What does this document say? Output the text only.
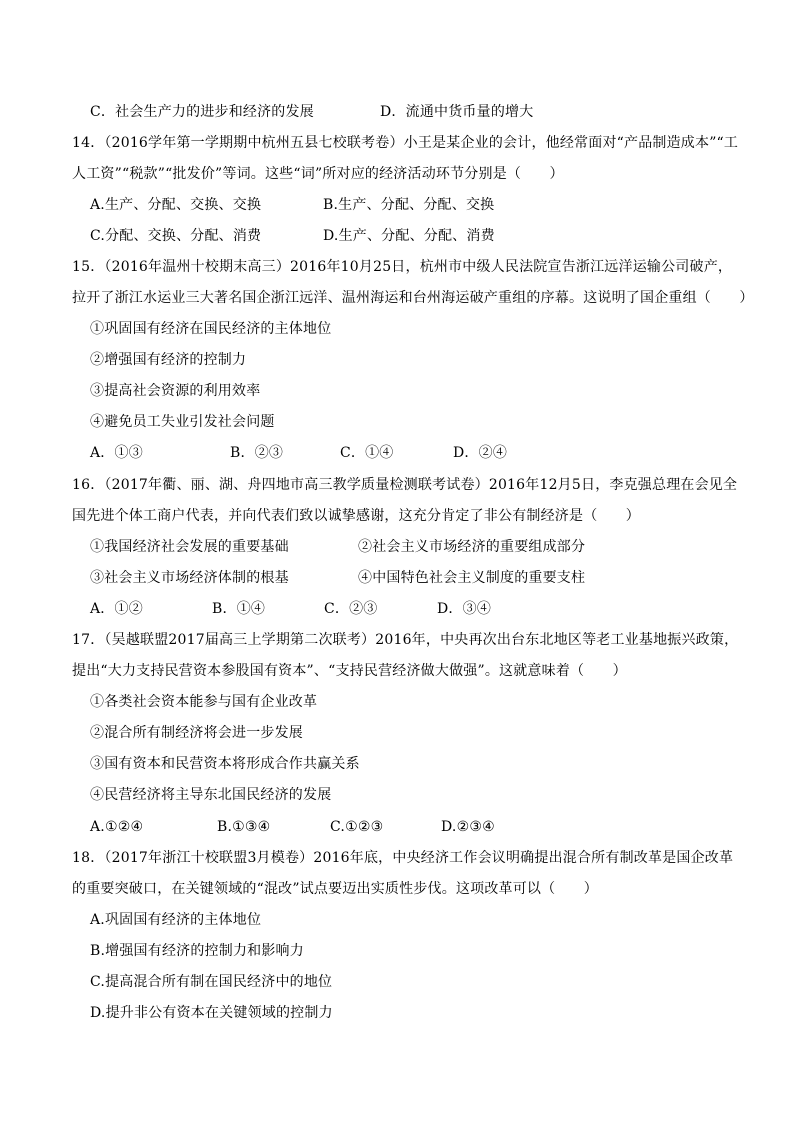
C．社会生产力的进步和经济的发展	D．流通中货币量的增大
14．（2016学年第一学期期中杭州五县七校联考卷）小王是某企业的会计，他经常面对“产品制造成本”“工
人工资”“税款”“批发价”等词。这些“词”所对应的经济活动环节分别是（　　）
A.生产、分配、交换、交换	B.生产、分配、分配、交换
C.分配、交换、分配、消费	D.生产、分配、分配、消费
15．（2016年温州十校期末高三）2016年10月25日，杭州市中级人民法院宣告浙江远洋运输公司破产，
拉开了浙江水运业三大著名国企浙江远洋、温州海运和台州海运破产重组的序幕。这说明了国企重组（　　）
①巩固国有经济在国民经济的主体地位
②增强国有经济的控制力
③提高社会资源的利用效率
④避免员工失业引发社会问题
A．①③	B．②③	C．①④	D．②④
16．（2017年衢、丽、湖、舟四地市高三教学质量检测联考试卷）2016年12月5日，李克强总理在会见全
国先进个体工商户代表，并向代表们致以诚挚感谢，这充分肯定了非公有制经济是（　　）
①我国经济社会发展的重要基础	②社会主义市场经济的重要组成部分
③社会主义市场经济体制的根基	④中国特色社会主义制度的重要支柱
A．①②	B．①④	C．②③	D．③④
17．（吴越联盟2017届高三上学期第二次联考）2016年，中央再次出台东北地区等老工业基地振兴政策，
提出“大力支持民营资本参股国有资本”、“支持民营经济做大做强”。这就意味着（　　）
①各类社会资本能参与国有企业改革
②混合所有制经济将会进一步发展
③国有资本和民营资本将形成合作共赢关系
④民营经济将主导东北国民经济的发展
A.①②④	B.①③④	C.①②③	D.②③④
18．（2017年浙江十校联盟3月模卷）2016年底，中央经济工作会议明确提出混合所有制改革是国企改革
的重要突破口，在关键领域的“混改”试点要迈出实质性步伐。这项改革可以（　　）
A.巩固国有经济的主体地位
B.增强国有经济的控制力和影响力
C.提高混合所有制在国民经济中的地位
D.提升非公有资本在关键领域的控制力
